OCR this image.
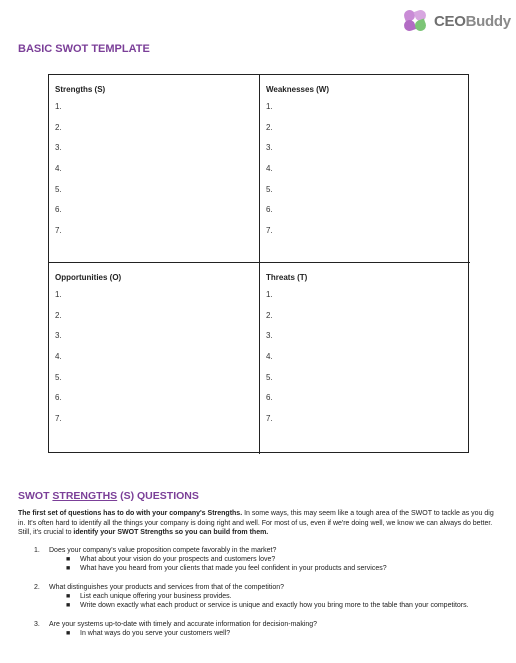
CEOBuddy
BASIC SWOT TEMPLATE
Strengths (S)
1.
2.
3.
4.
5.
6.
7.
Weaknesses (W)
1.
2.
3.
4.
5.
6.
7.
Opportunities (O)
1.
2.
3.
4.
5.
6.
7.
Threats (T)
1.
2.
3.
4.
5.
6.
7.
SWOT STRENGTHS (S) QUESTIONS

The first set of questions has to do with your company's Strengths. In some ways, this may seem like a tough area of the SWOT to tackle as you dig in. It's often hard to identify all the things your company is doing right and well. For most of us, even if we're doing well, we know we can always do better. Still, it's crucial to identify your SWOT Strengths so you can build from them.

1.	Does your company's value proposition compete favorably in the market?
■	What about your vision do your prospects and customers love?
■	What have you heard from your clients that made you feel confident in your products and services?
2.	What distinguishes your products and services from that of the competition?
■	List each unique offering your business provides.
■	Write down exactly what each product or service is unique and exactly how you bring more to the table than your competitors.
3.	Are your systems up-to-date with timely and accurate information for decision-making?
■	In what ways do you serve your customers well?
